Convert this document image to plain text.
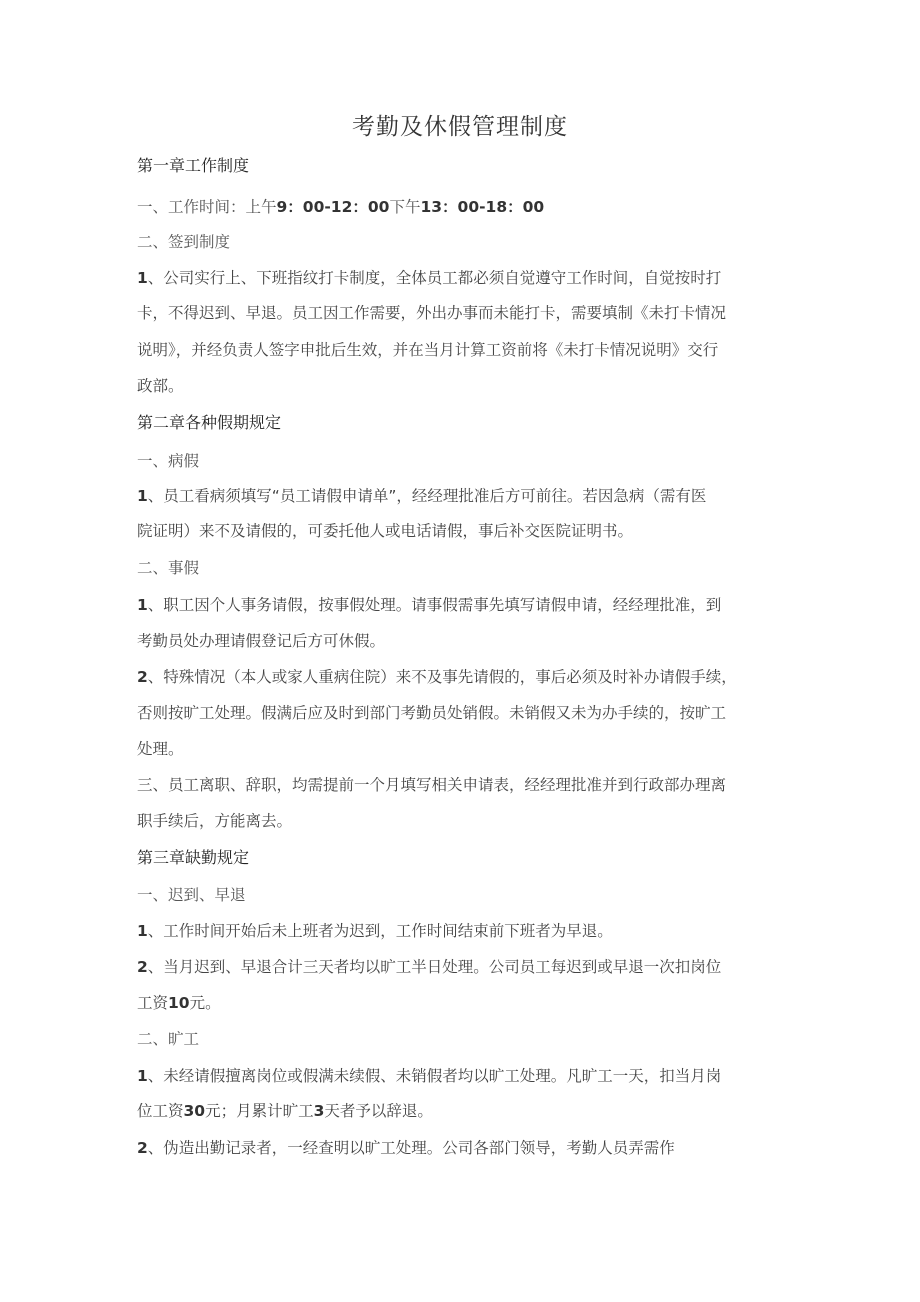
考勤及休假管理制度
第一章工作制度
一、工作时间：上午9：00-12：00下午13：00-18：00
二、签到制度
1、公司实行上、下班指纹打卡制度，全体员工都必须自觉遵守工作时间，自觉按时打
卡，不得迟到、早退。员工因工作需要，外出办事而未能打卡，需要填制《未打卡情况
说明》，并经负责人签字申批后生效，并在当月计算工资前将《未打卡情况说明》交行
政部。
第二章各种假期规定
一、病假
1、员工看病须填写“员工请假申请单”，经经理批准后方可前往。若因急病（需有医
院证明）来不及请假的，可委托他人或电话请假，事后补交医院证明书。
二、事假
1、职工因个人事务请假，按事假处理。请事假需事先填写请假申请，经经理批准，到
考勤员处办理请假登记后方可休假。
2、特殊情况（本人或家人重病住院）来不及事先请假的，事后必须及时补办请假手续，
否则按旷工处理。假满后应及时到部门考勤员处销假。未销假又未为办手续的，按旷工
处理。
三、员工离职、辞职，均需提前一个月填写相关申请表，经经理批准并到行政部办理离
职手续后，方能离去。
第三章缺勤规定
一、迟到、早退
1、工作时间开始后未上班者为迟到，工作时间结束前下班者为早退。
2、当月迟到、早退合计三天者均以旷工半日处理。公司员工每迟到或早退一次扣岗位
工资10元。
二、旷工
1、未经请假擅离岗位或假满未续假、未销假者均以旷工处理。凡旷工一天，扣当月岗
位工资30元；月累计旷工3天者予以辞退。
2、伪造出勤记录者，一经查明以旷工处理。公司各部门领导，考勤人员弄需作
